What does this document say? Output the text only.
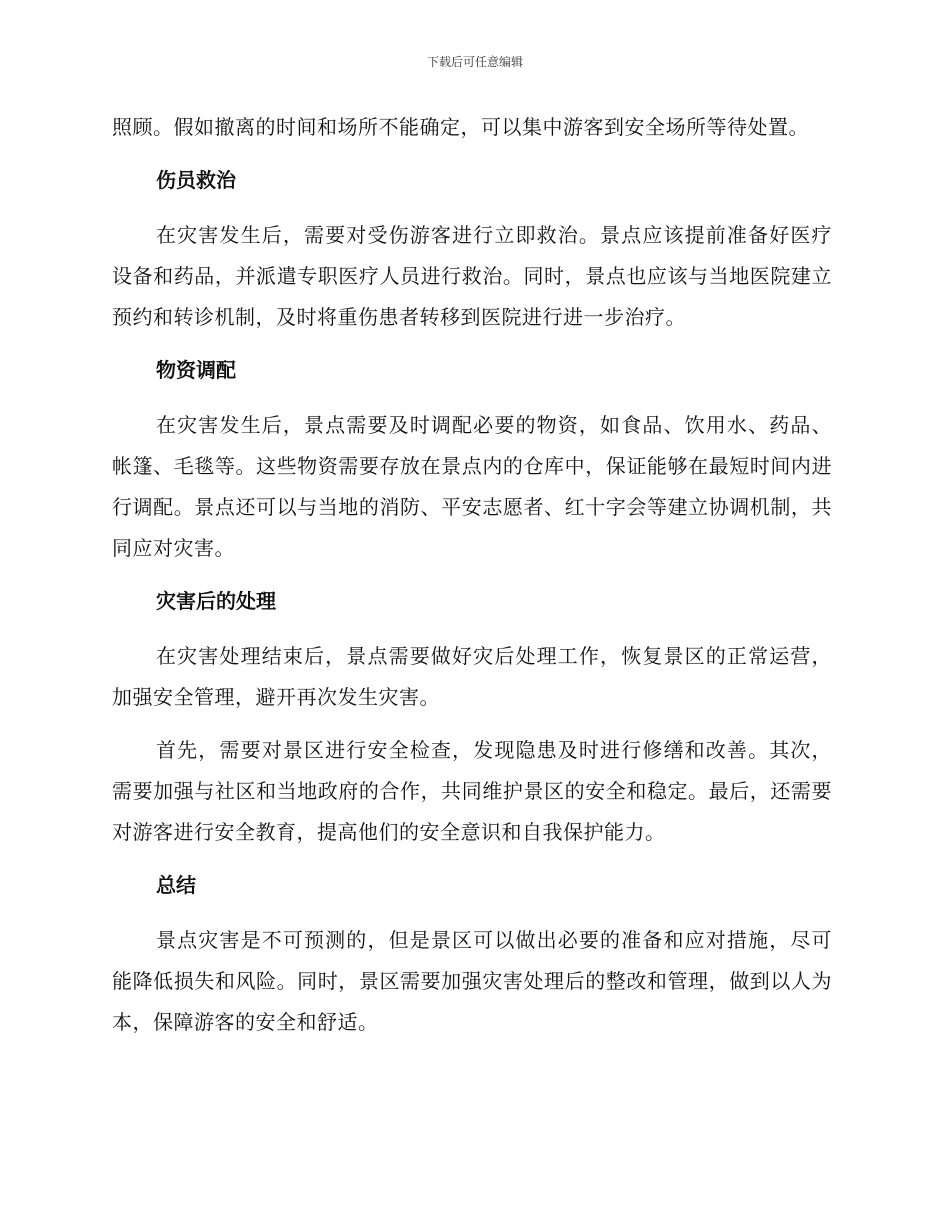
下载后可任意编辑

照顾。假如撤离的时间和场所不能确定，可以集中游客到安全场所等待处置。

伤员救治

在灾害发生后，需要对受伤游客进行立即救治。景点应该提前准备好医疗设备和药品，并派遣专职医疗人员进行救治。同时，景点也应该与当地医院建立预约和转诊机制，及时将重伤患者转移到医院进行进一步治疗。

物资调配

在灾害发生后，景点需要及时调配必要的物资，如食品、饮用水、药品、帐篷、毛毯等。这些物资需要存放在景点内的仓库中，保证能够在最短时间内进行调配。景点还可以与当地的消防、平安志愿者、红十字会等建立协调机制，共同应对灾害。

灾害后的处理

在灾害处理结束后，景点需要做好灾后处理工作，恢复景区的正常运营，加强安全管理，避开再次发生灾害。

首先，需要对景区进行安全检查，发现隐患及时进行修缮和改善。其次，需要加强与社区和当地政府的合作，共同维护景区的安全和稳定。最后，还需要对游客进行安全教育，提高他们的安全意识和自我保护能力。

总结

景点灾害是不可预测的，但是景区可以做出必要的准备和应对措施，尽可能降低损失和风险。同时，景区需要加强灾害处理后的整改和管理，做到以人为本，保障游客的安全和舒适。
